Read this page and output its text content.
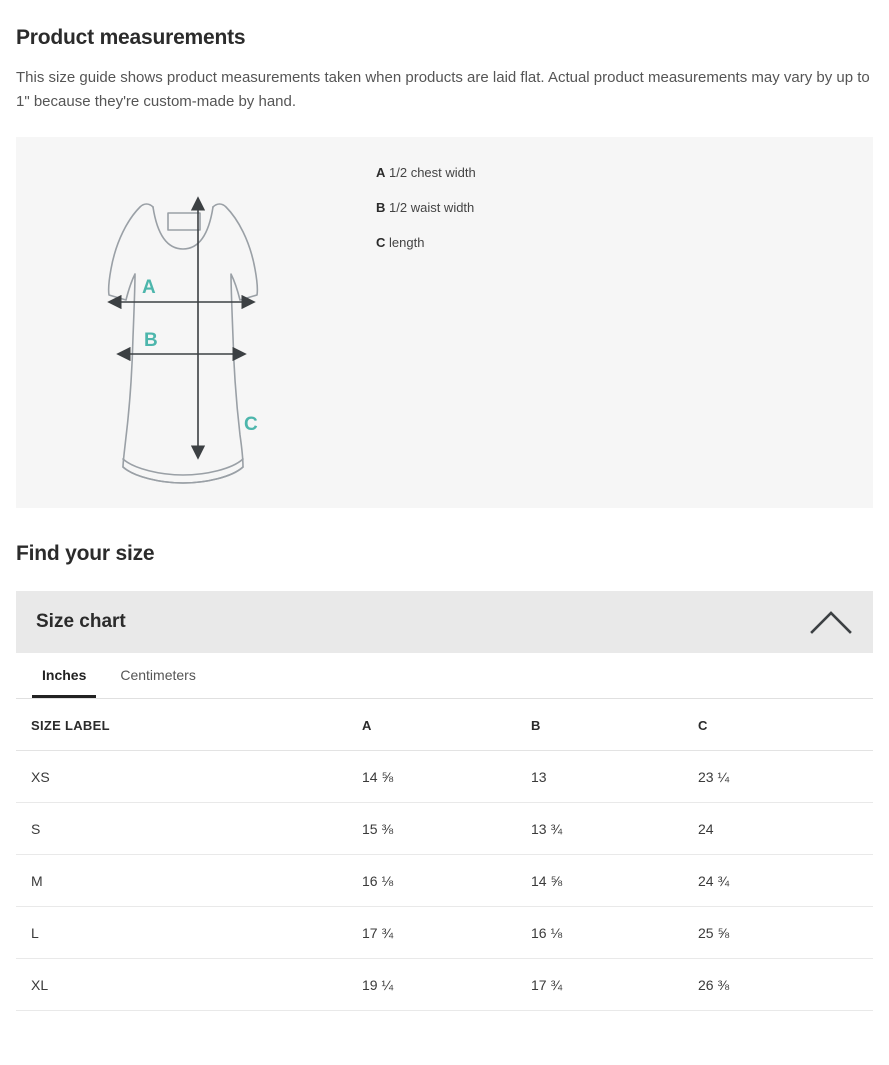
Product measurements

This size guide shows product measurements taken when products are laid flat. Actual product measurements may vary by up to 1" because they're custom-made by hand.

A
B
C
A 1/2 chest width
B 1/2 waist width
C length
Find your size
Size chart
Inches	Centimeters
SIZE LABEL	A	B	C
XS	14 ⅝	13	23 ¼
S	15 ⅜	13 ¾	24
M	16 ⅛	14 ⅝	24 ¾
L	17 ¾	16 ⅛	25 ⅝
XL	19 ¼	17 ¾	26 ⅜
